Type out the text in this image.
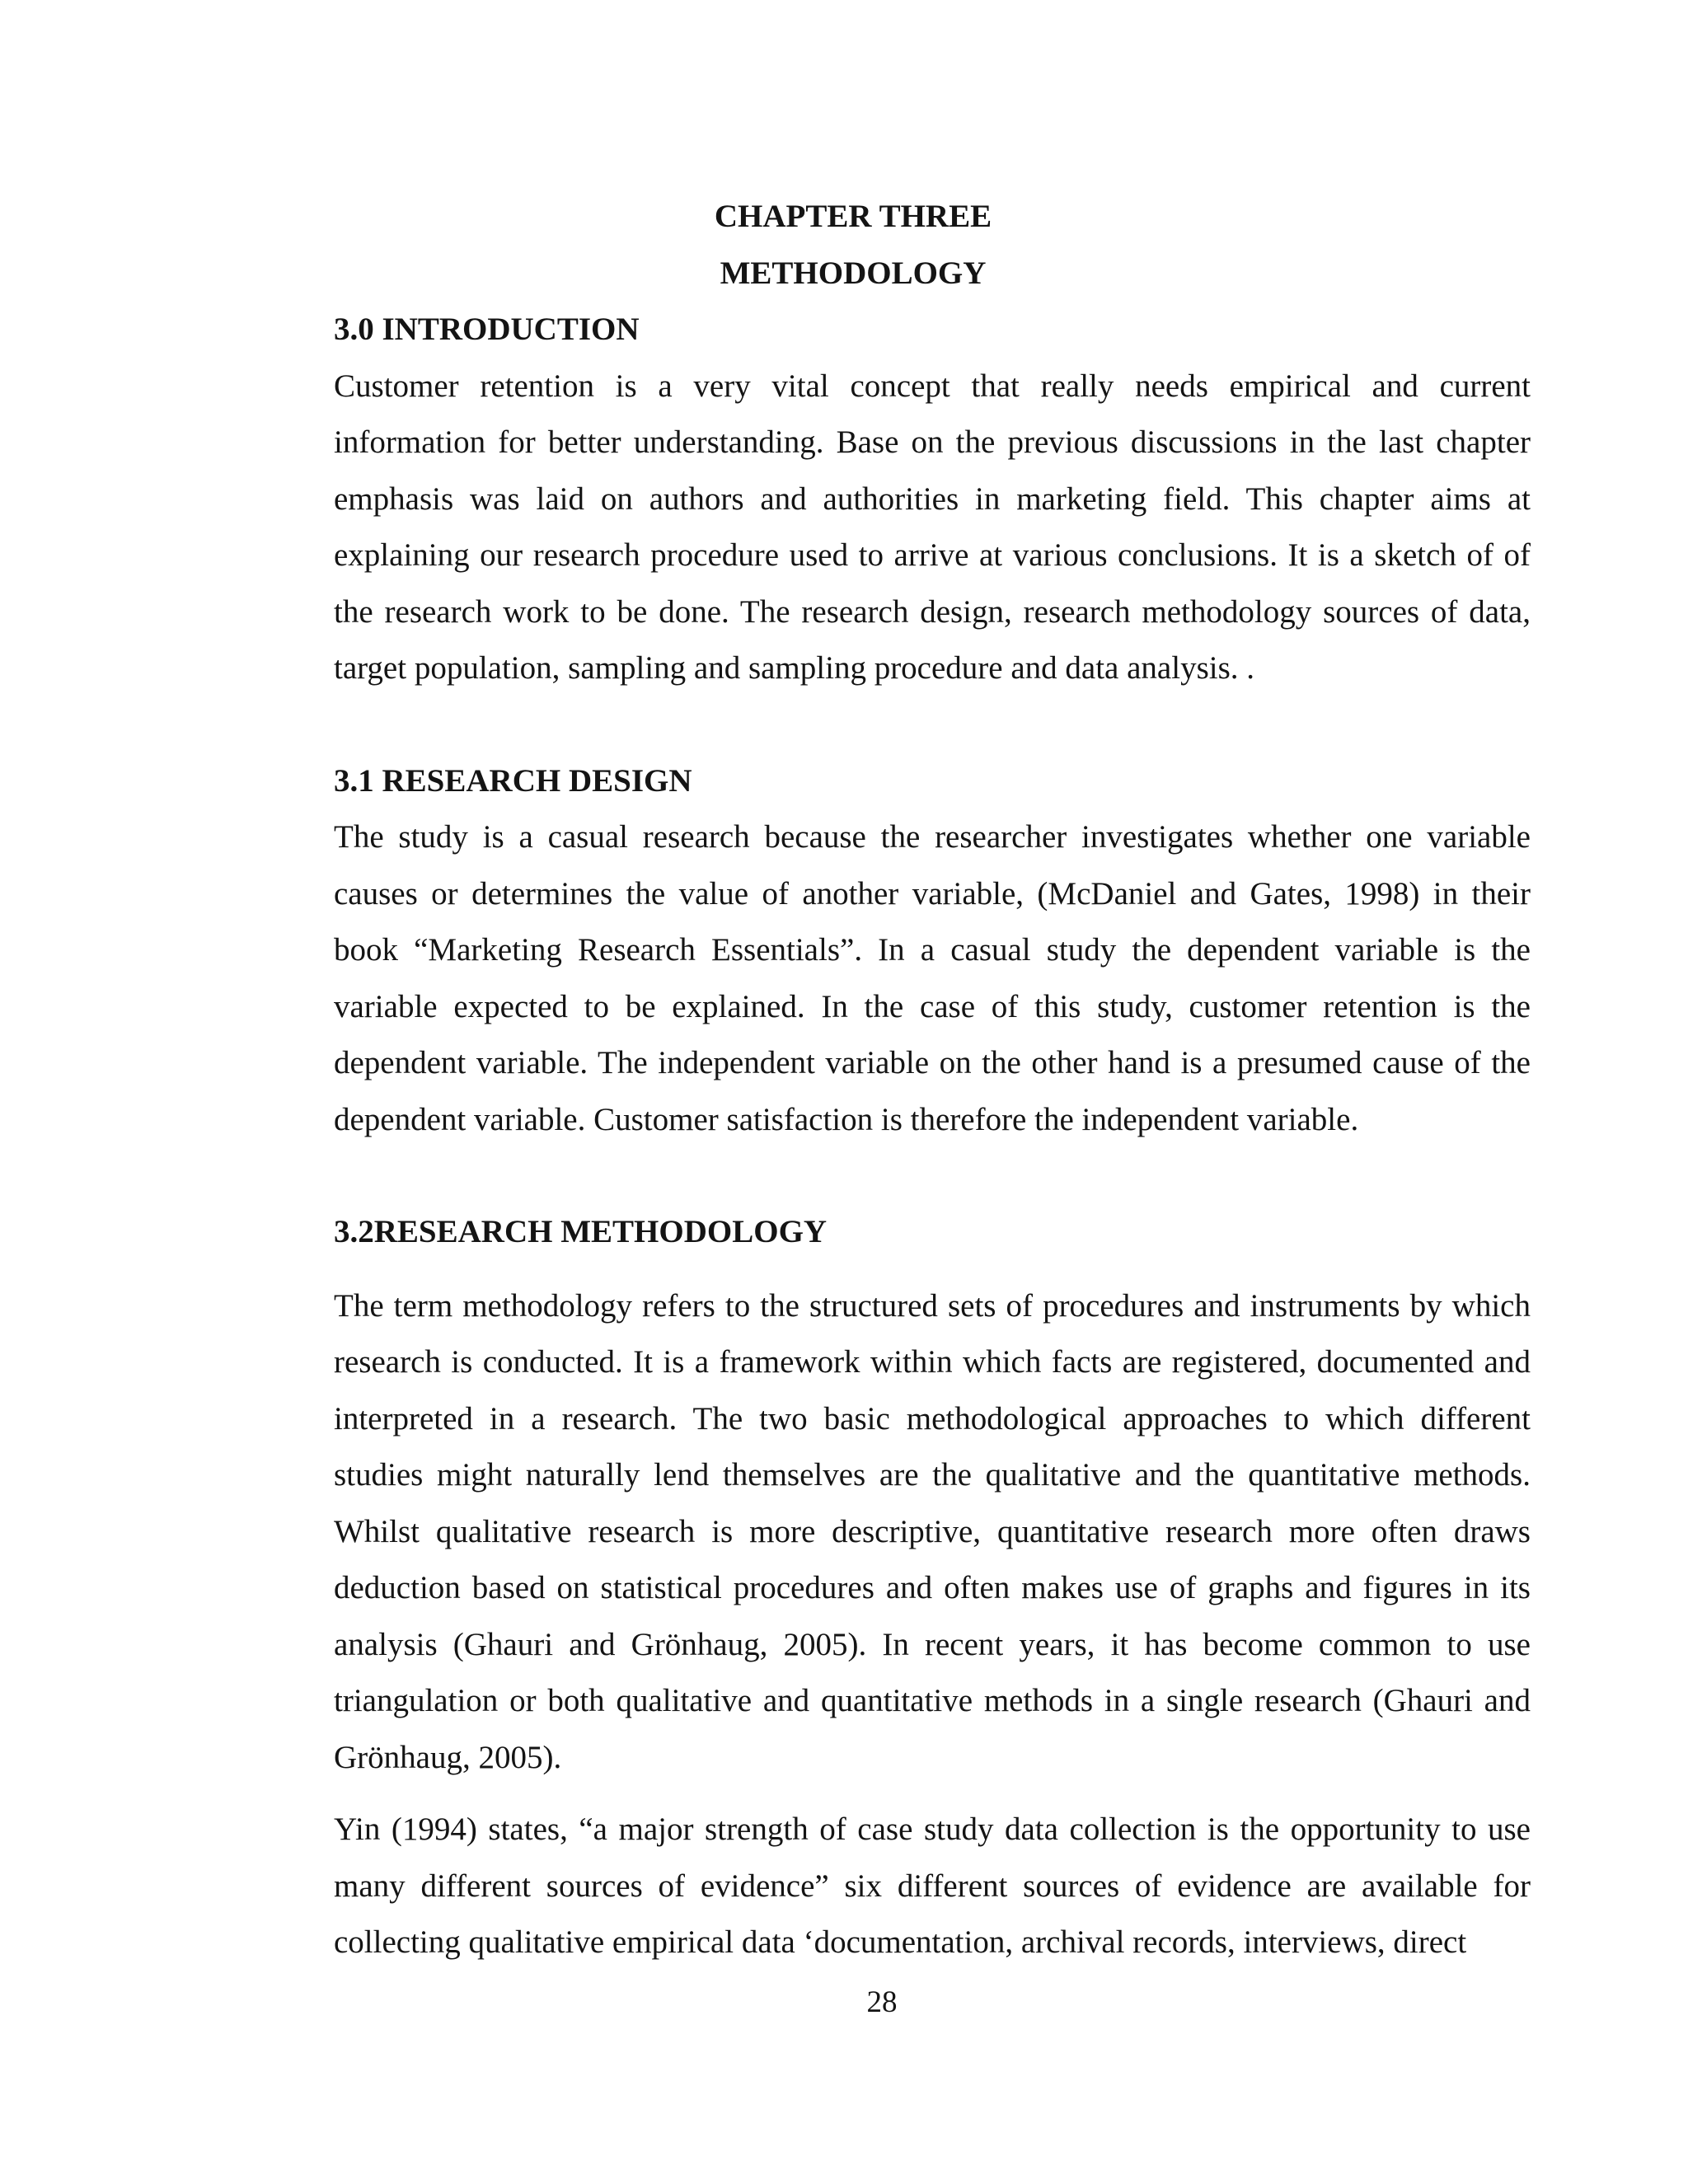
CHAPTER THREE
METHODOLOGY
3.0 INTRODUCTION

Customer retention is a very vital concept that really needs empirical and current information for better understanding. Base on the previous discussions in the last chapter emphasis was laid on authors and authorities in marketing field. This chapter aims at explaining our research procedure used to arrive at various conclusions. It is a sketch of of the research work to be done. The research design, research methodology sources of data, target population, sampling and sampling procedure and data analysis. .

3.1 RESEARCH DESIGN

The study is a casual research because the researcher investigates whether one variable causes or determines the value of another variable, (McDaniel and Gates, 1998) in their book “Marketing Research Essentials”. In a casual study the dependent variable is the variable expected to be explained. In the case of this study, customer retention is the dependent variable. The independent variable on the other hand is a presumed cause of the dependent variable. Customer satisfaction is therefore the independent variable.

3.2RESEARCH METHODOLOGY

The term methodology refers to the structured sets of procedures and instruments by which research is conducted. It is a framework within which facts are registered, documented and interpreted in a research. The two basic methodological approaches to which different studies might naturally lend themselves are the qualitative and the quantitative methods. Whilst qualitative research is more descriptive, quantitative research more often draws deduction based on statistical procedures and often makes use of graphs and figures in its analysis (Ghauri and Grönhaug, 2005). In recent years, it has become common to use triangulation or both qualitative and quantitative methods in a single research (Ghauri and Grönhaug, 2005).

Yin (1994) states, “a major strength of case study data collection is the opportunity to use many different sources of evidence” six different sources of evidence are available for collecting qualitative empirical data ‘documentation, archival records, interviews, direct

28
